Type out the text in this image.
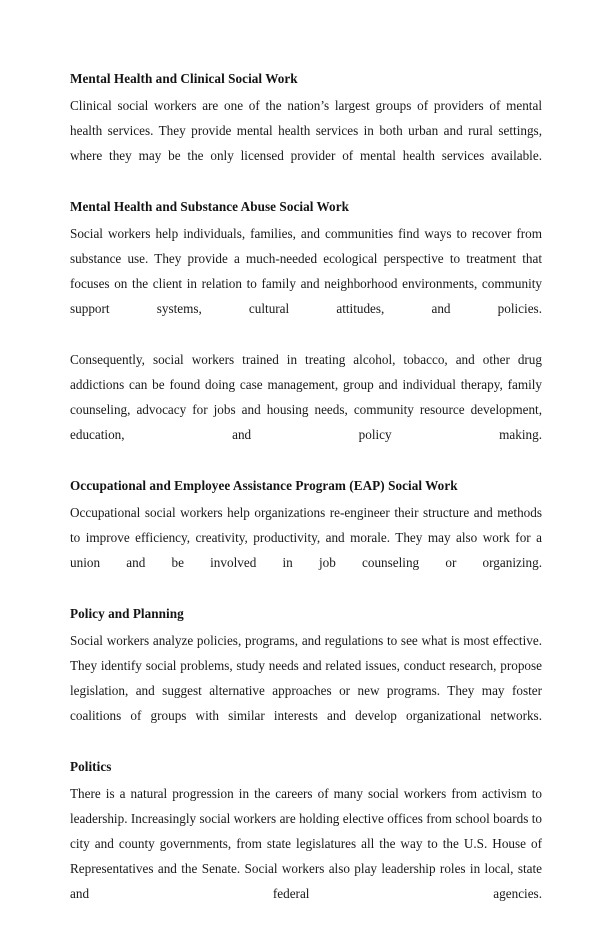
Mental Health and Clinical Social Work

Clinical social workers are one of the nation’s largest groups of providers of mental health services. They provide mental health services in both urban and rural settings, where they may be the only licensed provider of mental health services available.

Mental Health and Substance Abuse Social Work

Social workers help individuals, families, and communities find ways to recover from substance use. They provide a much-needed ecological perspective to treatment that focuses on the client in relation to family and neighborhood environments, community support systems, cultural attitudes, and policies.

Consequently, social workers trained in treating alcohol, tobacco, and other drug addictions can be found doing case management, group and individual therapy, family counseling, advocacy for jobs and housing needs, community resource development, education, and policy making.

Occupational and Employee Assistance Program (EAP) Social Work

Occupational social workers help organizations re-engineer their structure and methods to improve efficiency, creativity, productivity, and morale. They may also work for a union and be involved in job counseling or organizing.

Policy and Planning

Social workers analyze policies, programs, and regulations to see what is most effective. They identify social problems, study needs and related issues, conduct research, propose legislation, and suggest alternative approaches or new programs. They may foster coalitions of groups with similar interests and develop organizational networks.

Politics

There is a natural progression in the careers of many social workers from activism to leadership. Increasingly social workers are holding elective offices from school boards to city and county governments, from state legislatures all the way to the U.S. House of Representatives and the Senate. Social workers also play leadership roles in local, state and federal agencies.
